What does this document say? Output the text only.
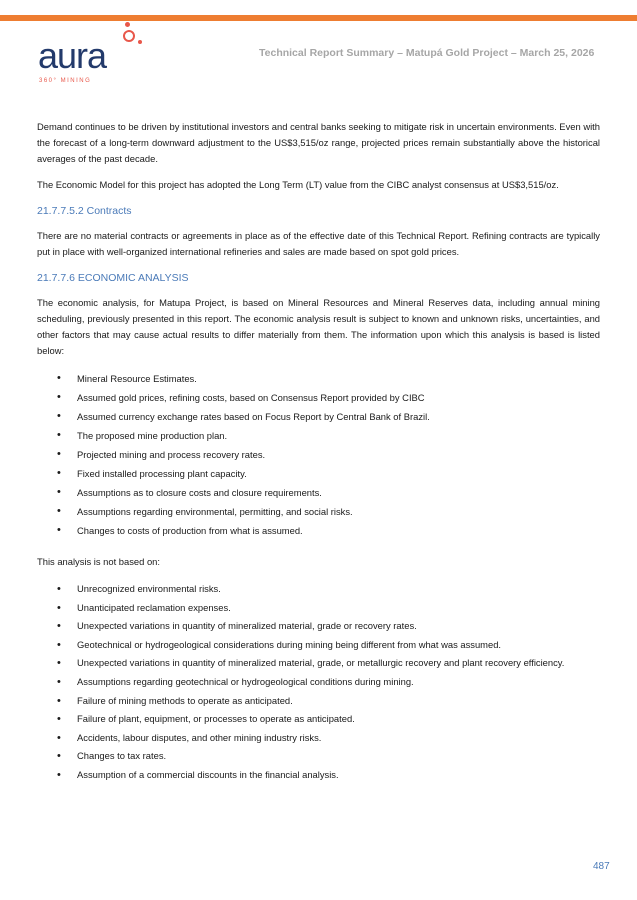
aura
360° MINING
Technical Report Summary – Matupá Gold Project – March 25, 2026

Demand continues to be driven by institutional investors and central banks seeking to mitigate risk in uncertain environments. Even with the forecast of a long-term downward adjustment to the US$3,515/oz range, projected prices remain substantially above the historical averages of the past decade.

The Economic Model for this project has adopted the Long Term (LT) value from the CIBC analyst consensus at US$3,515/oz.

21.7.7.5.2 Contracts

There are no material contracts or agreements in place as of the effective date of this Technical Report. Refining contracts are typically put in place with well-organized international refineries and sales are made based on spot gold prices.

21.7.7.6 ECONOMIC ANALYSIS

The economic analysis, for Matupa Project, is based on Mineral Resources and Mineral Reserves data, including annual mining scheduling, previously presented in this report. The economic analysis result is subject to known and unknown risks, uncertainties, and other factors that may cause actual results to differ materially from them. The information upon which this analysis is based is listed below:

• Mineral Resource Estimates.
• Assumed gold prices, refining costs, based on Consensus Report provided by CIBC
• Assumed currency exchange rates based on Focus Report by Central Bank of Brazil.
• The proposed mine production plan.
• Projected mining and process recovery rates.
• Fixed installed processing plant capacity.
• Assumptions as to closure costs and closure requirements.
• Assumptions regarding environmental, permitting, and social risks.
• Changes to costs of production from what is assumed.

This analysis is not based on:

• Unrecognized environmental risks.
• Unanticipated reclamation expenses.
• Unexpected variations in quantity of mineralized material, grade or recovery rates.
• Geotechnical or hydrogeological considerations during mining being different from what was assumed.
• Unexpected variations in quantity of mineralized material, grade, or metallurgic recovery and plant recovery efficiency.
• Assumptions regarding geotechnical or hydrogeological conditions during mining.
• Failure of mining methods to operate as anticipated.
• Failure of plant, equipment, or processes to operate as anticipated.
• Accidents, labour disputes, and other mining industry risks.
• Changes to tax rates.
• Assumption of a commercial discounts in the financial analysis.
487
